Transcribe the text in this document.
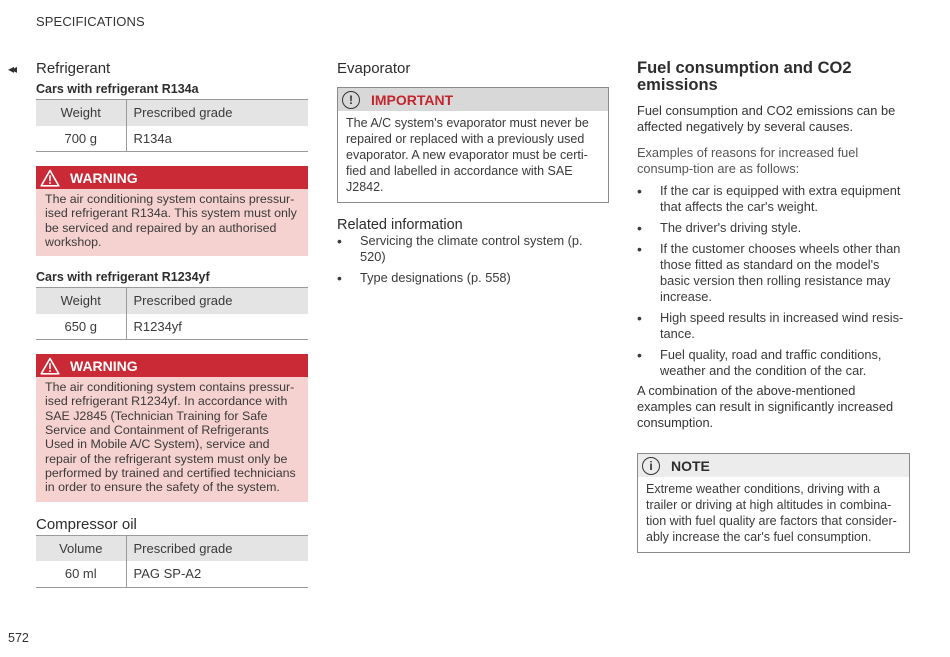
SPECIFICATIONS
◂◂ Refrigerant
Cars with refrigerant R134a
Weight	Prescribed grade
700 g	R134a
WARNING
The air conditioning system contains pressur-ised refrigerant R134a. This system must only be serviced and repaired by an authorised workshop.
Cars with refrigerant R1234yf
Weight	Prescribed grade
650 g	R1234yf
WARNING
The air conditioning system contains pressur-ised refrigerant R1234yf. In accordance with SAE J2845 (Technician Training for Safe Service and Containment of Refrigerants Used in Mobile A/C System), service and repair of the refrigerant system must only be performed by trained and certified technicians in order to ensure the safety of the system.
Compressor oil
Volume	Prescribed grade
60 ml	PAG SP-A2
Evaporator
!	IMPORTANT
The A/C system's evaporator must never be repaired or replaced with a previously used evaporator. A new evaporator must be certi-fied and labelled in accordance with SAE J2842.
Related information
• Servicing the climate control system (p. 520)
• Type designations (p. 558)
Fuel consumption and CO2 emissions

Fuel consumption and CO2 emissions can be affected negatively by several causes.

Examples of reasons for increased fuel consump-tion are as follows:

• If the car is equipped with extra equipment that affects the car's weight.
• The driver's driving style.
• If the customer chooses wheels other than those fitted as standard on the model's basic version then rolling resistance may increase.
• High speed results in increased wind resis-tance.
• Fuel quality, road and traffic conditions, weather and the condition of the car.

A combination of the above-mentioned examples can result in significantly increased consumption.

i	NOTE
Extreme weather conditions, driving with a trailer or driving at high altitudes in combina-tion with fuel quality are factors that consider-ably increase the car's fuel consumption.
572
